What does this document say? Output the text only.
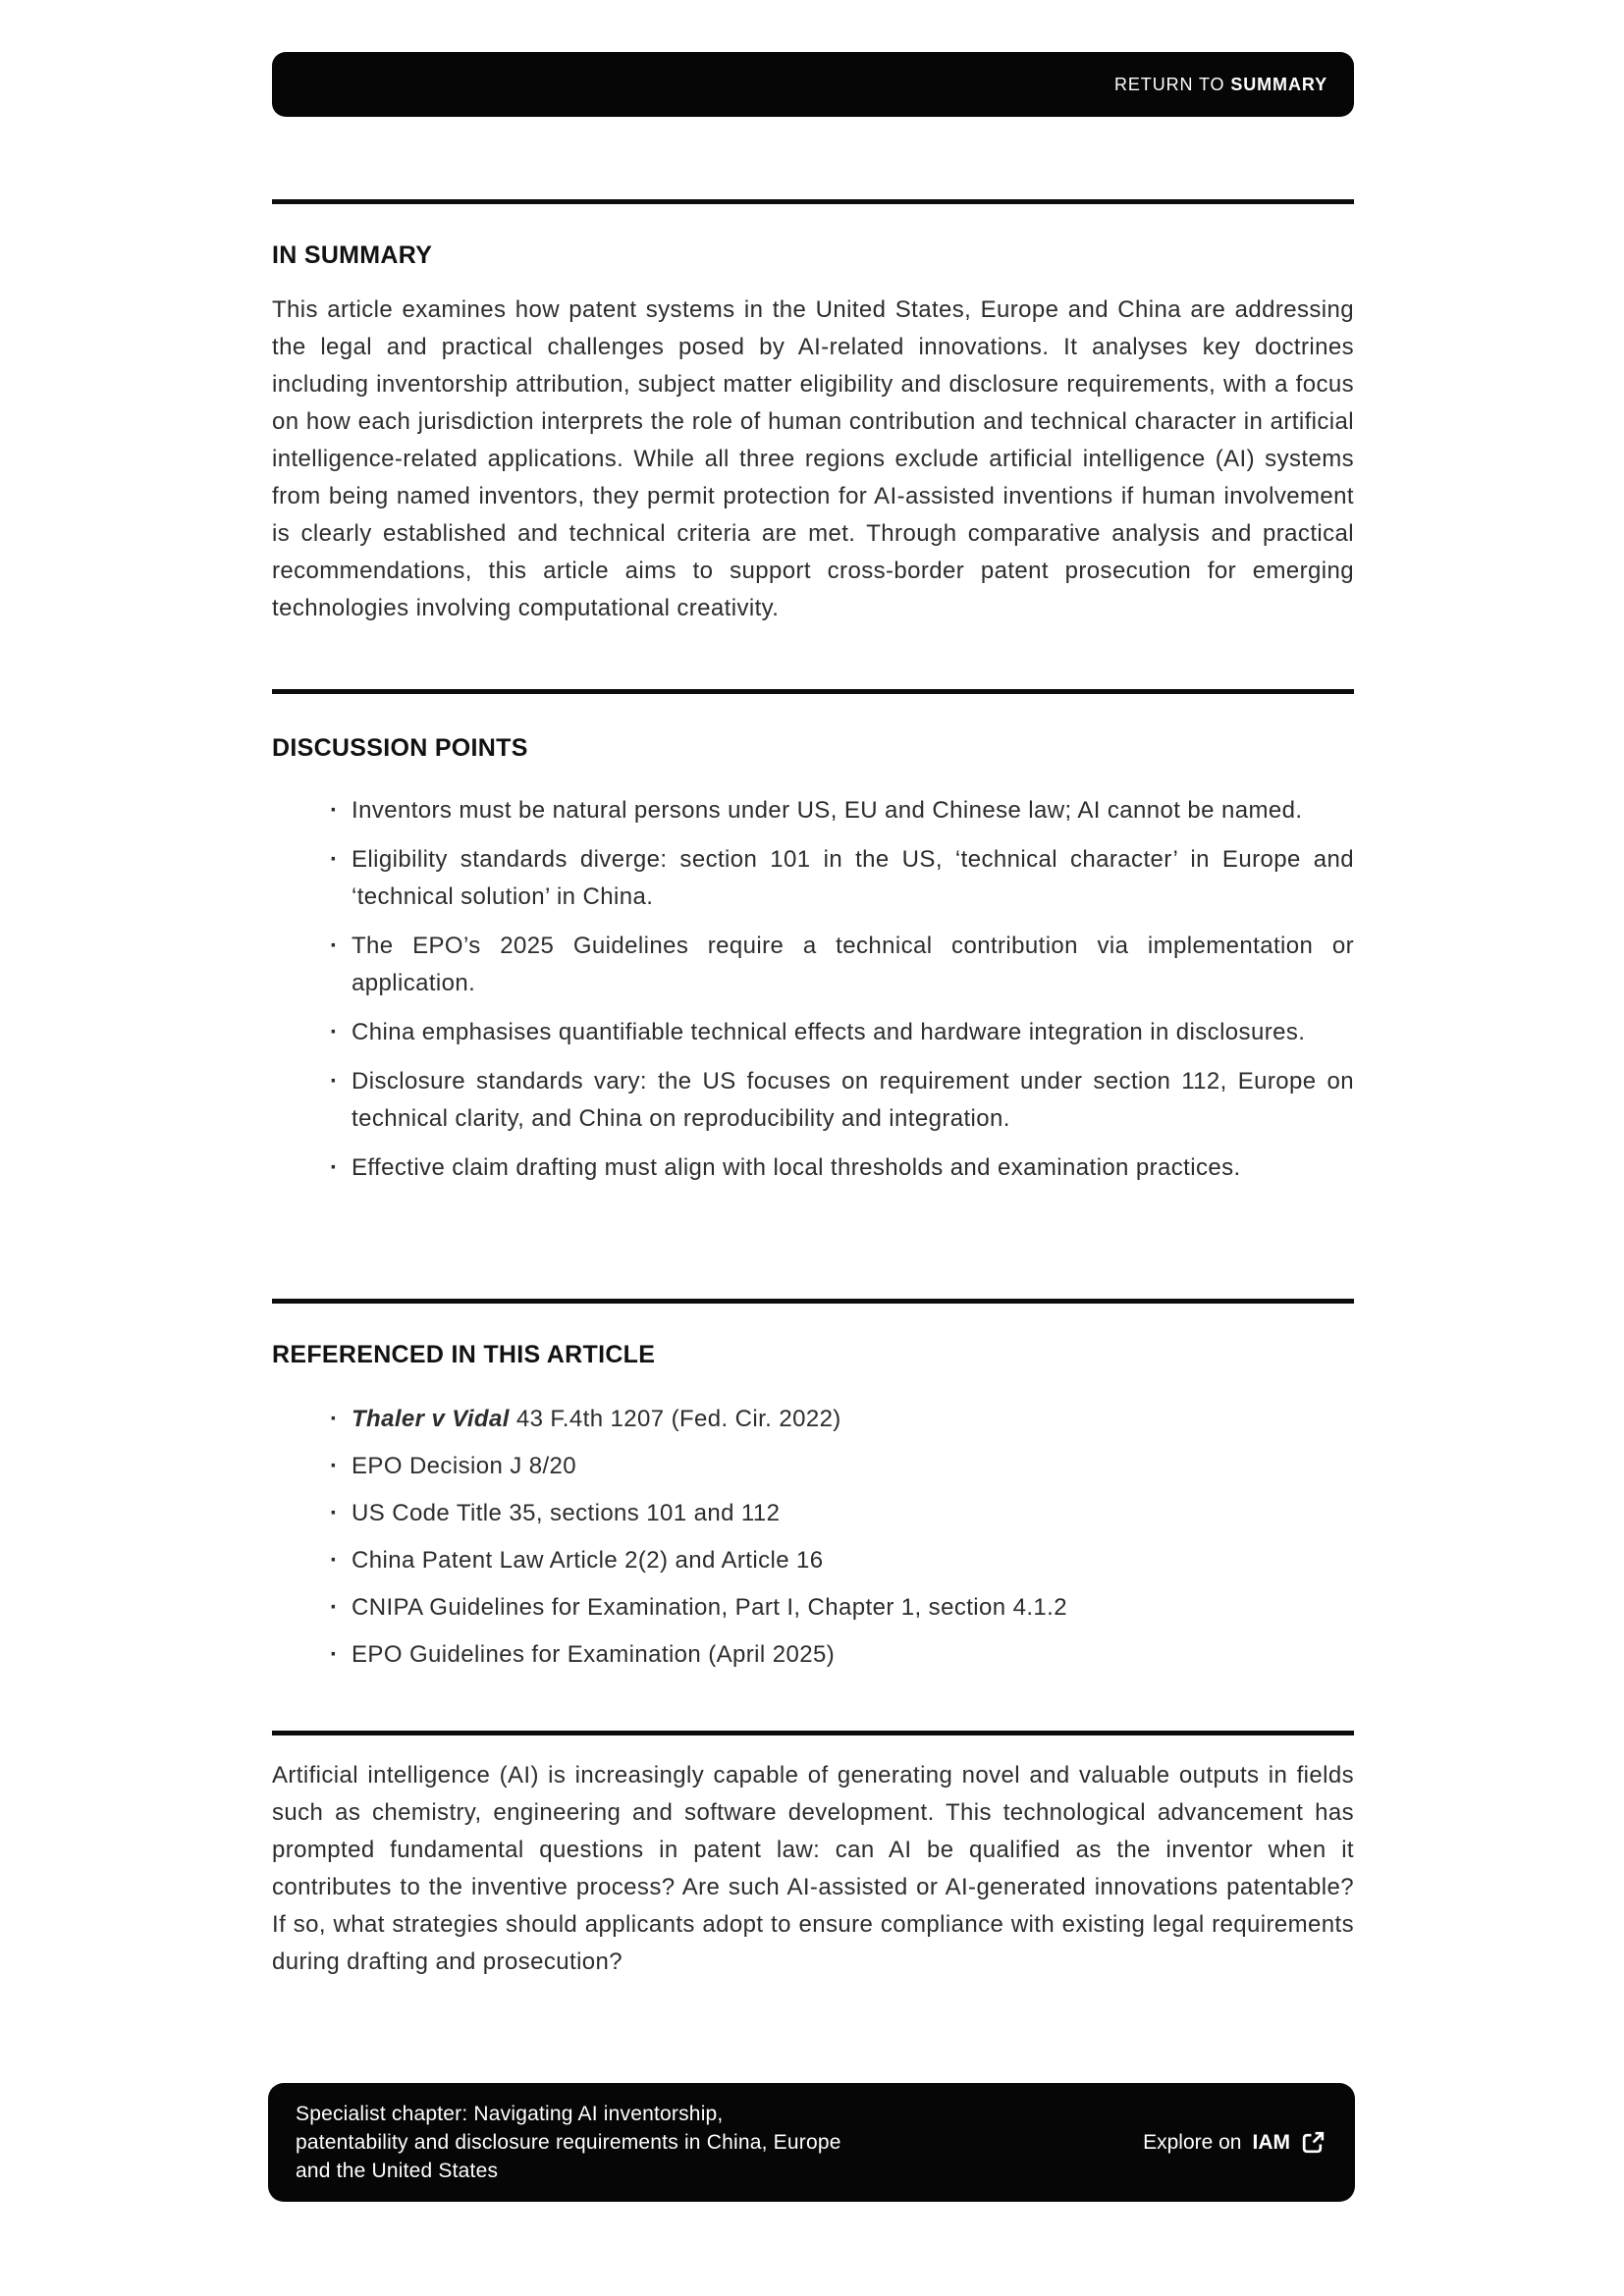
RETURN TO SUMMARY
IN SUMMARY

This article examines how patent systems in the United States, Europe and China are addressing the legal and practical challenges posed by AI-related innovations. It analyses key doctrines including inventorship attribution, subject matter eligibility and disclosure requirements, with a focus on how each jurisdiction interprets the role of human contribution and technical character in artificial intelligence-related applications. While all three regions exclude artificial intelligence (AI) systems from being named inventors, they permit protection for AI-assisted inventions if human involvement is clearly established and technical criteria are met. Through comparative analysis and practical recommendations, this article aims to support cross-border patent prosecution for emerging technologies involving computational creativity.

DISCUSSION POINTS
· Inventors must be natural persons under US, EU and Chinese law; AI cannot be named.
· Eligibility standards diverge: section 101 in the US, ‘technical character’ in Europe and ‘technical solution’ in China.
· The EPO’s 2025 Guidelines require a technical contribution via implementation or application.
· China emphasises quantifiable technical effects and hardware integration in disclosures.
· Disclosure standards vary: the US focuses on requirement under section 112, Europe on technical clarity, and China on reproducibility and integration.
· Effective claim drafting must align with local thresholds and examination practices.
REFERENCED IN THIS ARTICLE
· Thaler v Vidal 43 F.4th 1207 (Fed. Cir. 2022)
· EPO Decision J 8/20
· US Code Title 35, sections 101 and 112
· China Patent Law Article 2(2) and Article 16
· CNIPA Guidelines for Examination, Part I, Chapter 1, section 4.1.2
· EPO Guidelines for Examination (April 2025)

Artificial intelligence (AI) is increasingly capable of generating novel and valuable outputs in fields such as chemistry, engineering and software development. This technological advancement has prompted fundamental questions in patent law: can AI be qualified as the inventor when it contributes to the inventive process? Are such AI-assisted or AI-generated innovations patentable? If so, what strategies should applicants adopt to ensure compliance with existing legal requirements during drafting and prosecution?

Specialist chapter: Navigating AI inventorship,
patentability and disclosure requirements in China, Europe
and the United States
Explore on IAM
